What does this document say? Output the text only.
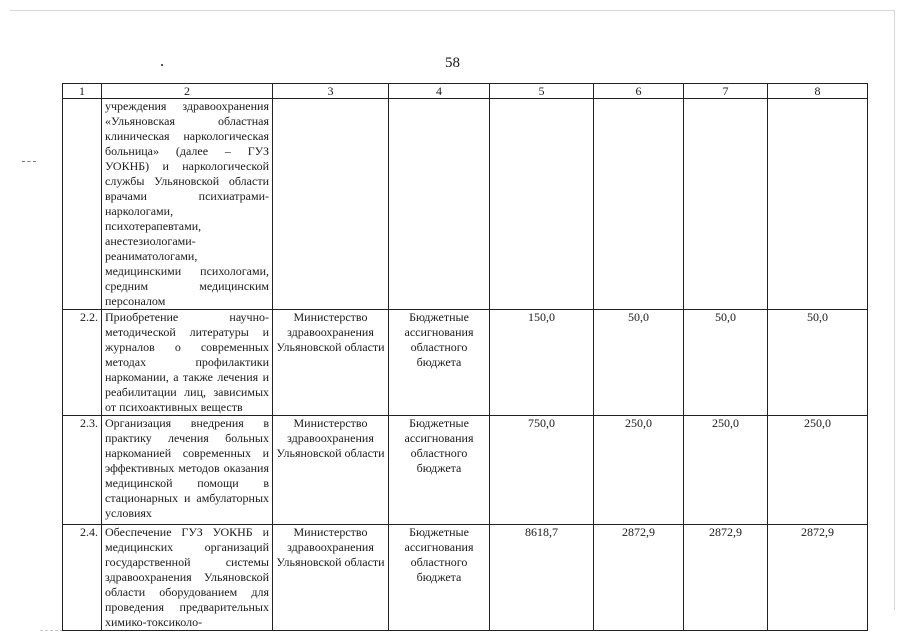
58
1	2	3	4	5	6	7	8
	учреждения здравоохранения «Ульяновская областная клиническая наркологическая больница» (далее – ГУЗ УОКНБ) и наркологической службы Ульяновской области врачами психиатрами-наркологами, психотерапевтами, анестезиологами-реаниматологами, медицинскими психологами, средним медицинским персоналом						
2.2.	Приобретение научно-методической литературы и журналов о современных методах профилактики наркомании, а также лечения и реабилитации лиц, зависимых от психоактивных веществ	Министерство здравоохранения Ульяновской области	Бюджетные ассигнования областного бюджета	150,0	50,0	50,0	50,0
2.3.	Организация внедрения в практику лечения больных наркоманией современных и эффективных методов оказания медицинской помощи в стационарных и амбулаторных условиях	Министерство здравоохранения Ульяновской области	Бюджетные ассигнования областного бюджета	750,0	250,0	250,0	250,0
2.4.	Обеспечение ГУЗ УОКНБ и медицинских организаций государственной системы здравоохранения Ульяновской области оборудованием для проведения предварительных химико-токсиколо-	Министерство здравоохранения Ульяновской области	Бюджетные ассигнования областного бюджета	8618,7	2872,9	2872,9	2872,9
